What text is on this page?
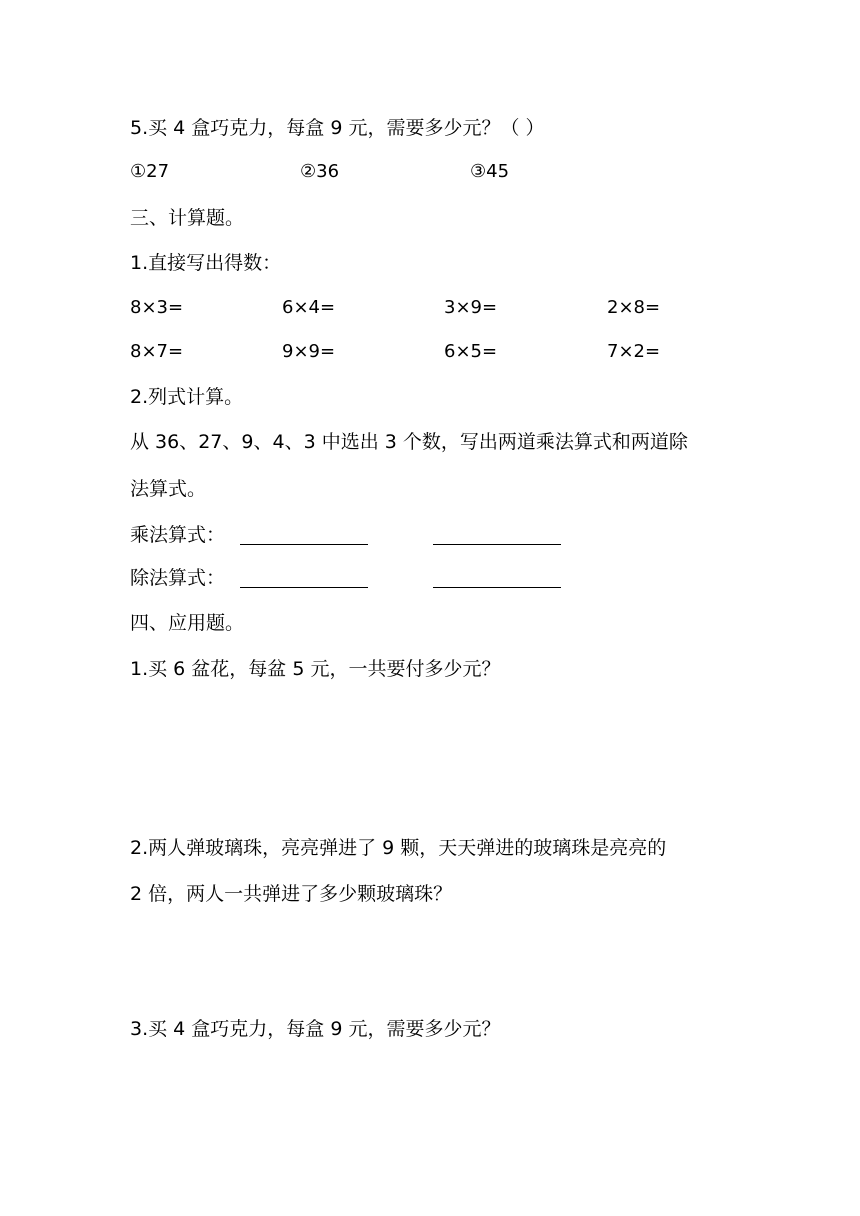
5.买 4 盒巧克力，每盒 9 元，需要多少元？（ ）
①27	②36	③45
三、计算题。
1.直接写出得数：
8×3=	6×4=	3×9=	2×8=
8×7=	9×9=	6×5=	7×2=
2.列式计算。
从 36、27、9、4、3 中选出 3 个数，写出两道乘法算式和两道除
法算式。
乘法算式：
除法算式：
四、应用题。
1.买 6 盆花，每盆 5 元，一共要付多少元？
2.两人弹玻璃珠，亮亮弹进了 9 颗，天天弹进的玻璃珠是亮亮的
2 倍，两人一共弹进了多少颗玻璃珠？
3.买 4 盒巧克力，每盒 9 元，需要多少元？
